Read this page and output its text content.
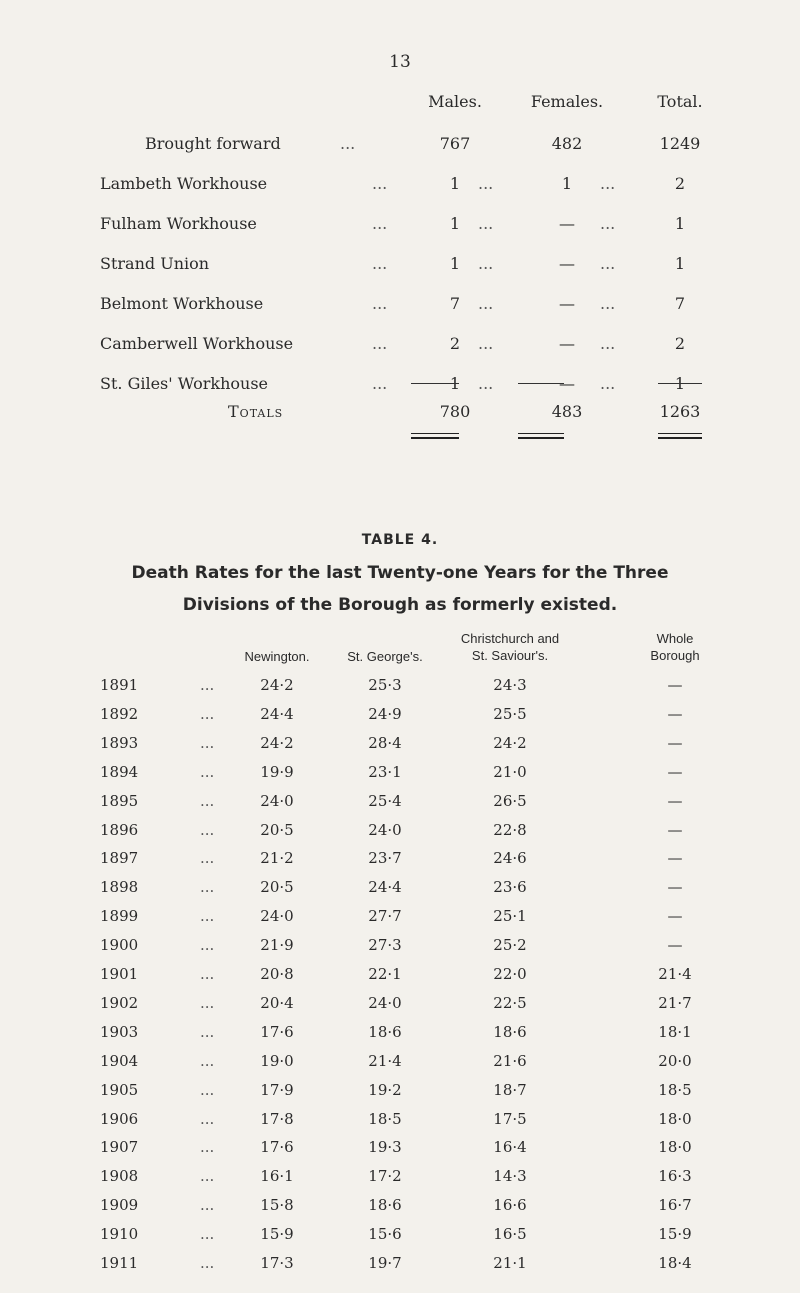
13
Males.	Females.	Total.
Brought forward	767	482	1249
...
Lambeth Workhouse	1	1	2
...	...	...
Fulham Workhouse	1	—	1
...	...	...
Strand Union	1	—	1
...	...	...
Belmont Workhouse	7	—	7
...	...	...
Camberwell Workhouse	2	—	2
...	...	...
St. Giles' Workhouse	1	—	1
...	...	...
Totals	780	483	1263
TABLE 4.
Death Rates for the last Twenty-one Years for the Three
Divisions of the Borough as formerly existed.
Newington.	St. George's.
Christchurch and
St. Saviour's.
Whole
Borough
1891	24·2	25·3	24·3	—
...
1892	24·4	24·9	25·5	—
...
1893	24·2	28·4	24·2	—
...
1894	19·9	23·1	21·0	—
...
1895	24·0	25·4	26·5	—
...
1896	20·5	24·0	22·8	—
...
1897	21·2	23·7	24·6	—
...
1898	20·5	24·4	23·6	—
...
1899	24·0	27·7	25·1	—
...
1900	21·9	27·3	25·2	—
...
1901	20·8	22·1	22·0	21·4
...
1902	20·4	24·0	22·5	21·7
...
1903	17·6	18·6	18·6	18·1
...
1904	19·0	21·4	21·6	20·0
...
1905	17·9	19·2	18·7	18·5
...
1906	17·8	18·5	17·5	18·0
...
1907	17·6	19·3	16·4	18·0
...
1908	16·1	17·2	14·3	16·3
...
1909	15·8	18·6	16·6	16·7
...
1910	15·9	15·6	16·5	15·9
...
1911	17·3	19·7	21·1	18·4
...
